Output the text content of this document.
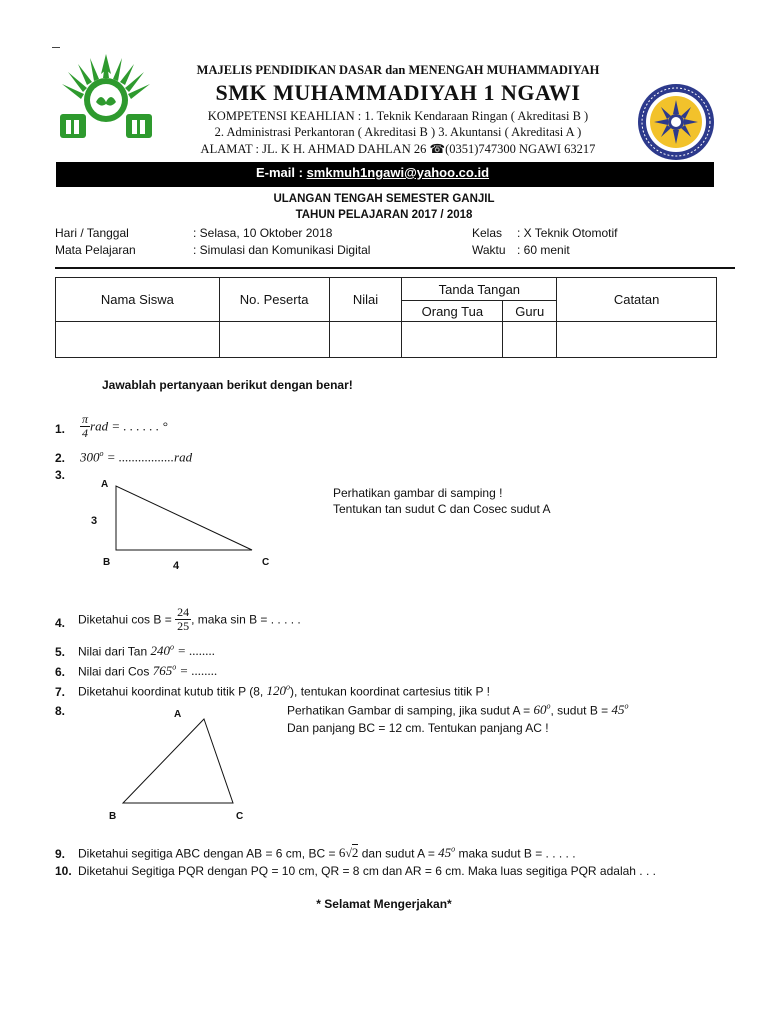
MAJELIS PENDIDIKAN DASAR dan MENENGAH MUHAMMADIYAH
SMK MUHAMMADIYAH 1 NGAWI
KOMPETENSI KEAHLIAN : 1. Teknik Kendaraan Ringan ( Akreditasi B )
2. Administrasi Perkantoran ( Akreditasi B ) 3. Akuntansi ( Akreditasi A )
ALAMAT : JL. K H. AHMAD DAHLAN 26 ☎(0351)747300 NGAWI 63217
E-mail : smkmuh1ngawi@yahoo.co.id
ULANGAN TENGAH SEMESTER GANJIL
TAHUN PELAJARAN 2017 / 2018
Hari / Tanggal	: Selasa, 10 Oktober 2018	Kelas : X Teknik Otomotif
Mata Pelajaran	: Simulasi dan Komunikasi Digital	Waktu : 60 menit
Nama Siswa	No. Peserta	Nilai	Tanda Tangan		Catatan
			Orang Tua	Guru	

Jawablah pertanyaan berikut dengan benar!
1. $\frac{\pi}{4}$ rad = . . . . . . °
2. $300^o = .................rad$
3.
A
B	C
3
4
Perhatikan gambar di samping !
Tentukan tan sudut C dan Cosec sudut A
4. Diketahui $\cos B = \frac{24}{25}$ , maka sin B = . . . . .
5. Nilai dari Tan $240^o$ = ........
6. Nilai dari Cos $765^o$ = ........
7. Diketahui koordinat kutub titik P (8, 120$^o$), tentukan koordinat cartesius titik P !
8.	A
B	C
Perhatikan Gambar di samping, jika sudut $A = 60^o$, sudut $B = 45^o$
Dan panjang BC = 12 cm. Tentukan panjang AC !
9. Diketahui segitiga ABC dengan AB = 6 cm, BC = 6√2 dan sudut $A = 45^o$ maka sudut B = . . . . .
10. Diketahui Segitiga PQR dengan PQ = 10 cm, QR = 8 cm dan AR = 6 cm. Maka luas segitiga PQR adalah . . .
* Selamat Mengerjakan*
